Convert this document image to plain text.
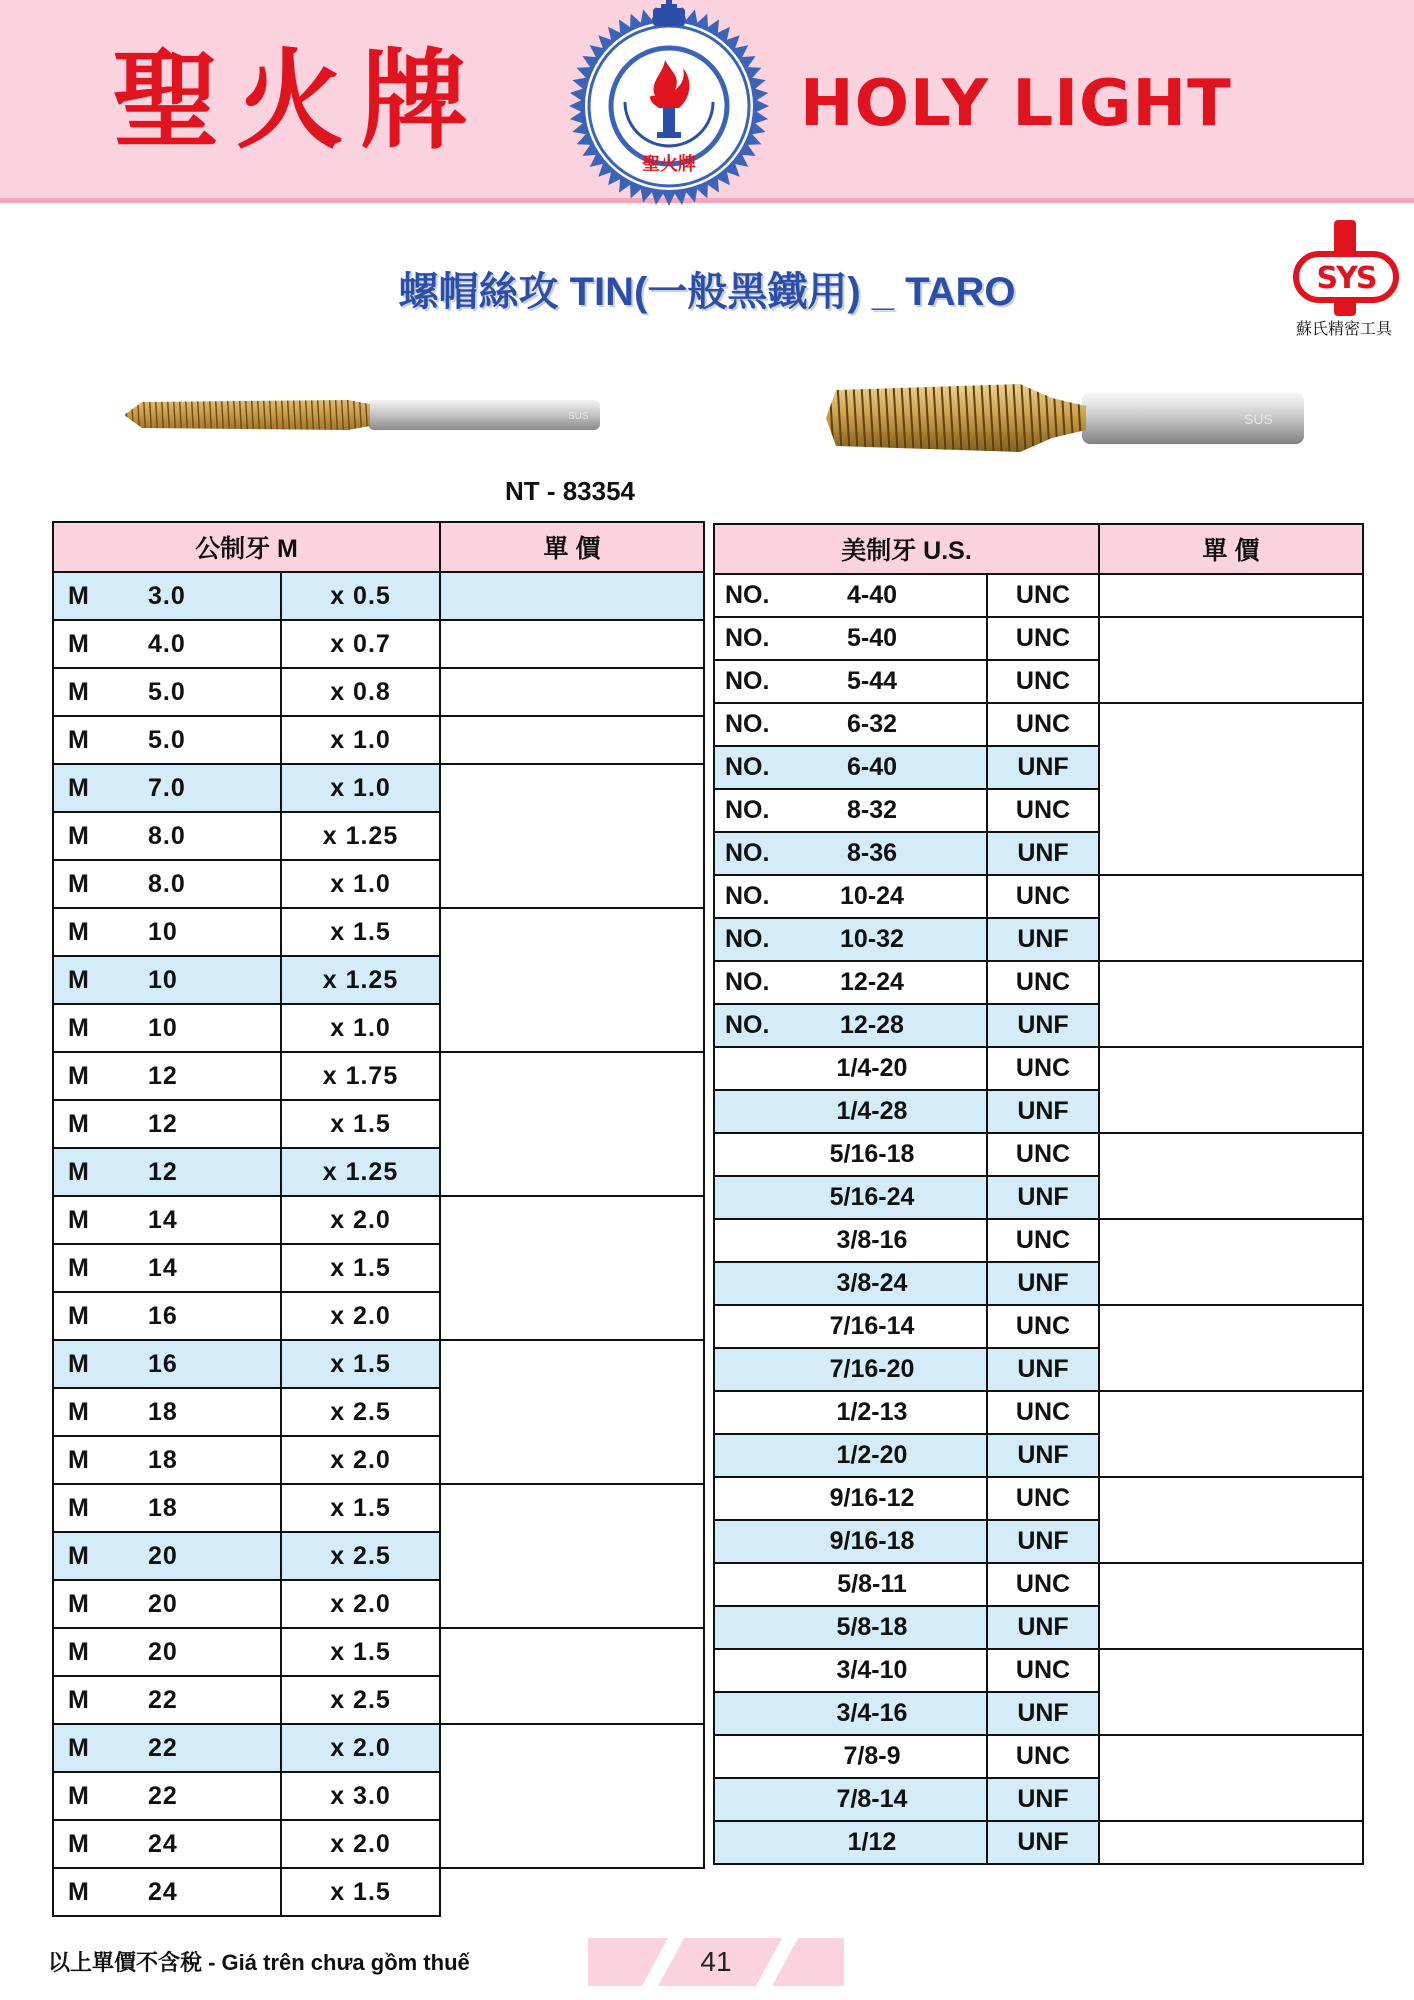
聖火牌
聖火牌
HOLY LIGHT
螺帽絲攻 TIN(一般黑鐵用) _ TARO	SYS
蘇氏精密工具
SUS	SUS
NT - 83354
公制牙 M		單 價
M 3.0	x 0.5	
M 4.0	x 0.7	
M 5.0	x 0.8	
M 5.0	x 1.0	
M 7.0	x 1.0	
M 8.0	x 1.25	
M 8.0	x 1.0	
M 10	x 1.5	
M 10	x 1.25	
M 10	x 1.0	
M 12	x 1.75	
M 12	x 1.5	
M 12	x 1.25	
M 14	x 2.0	
M 14	x 1.5	
M 16	x 2.0	
M 16	x 1.5	
M 18	x 2.5	
M 18	x 2.0	
M 18	x 1.5	
M 20	x 2.5	
M 20	x 2.0	
M 20	x 1.5	
M 22	x 2.5	
M 22	x 2.0	
M 22	x 3.0	
M 24	x 2.0	
M 24	x 1.5	
美制牙 U.S.		單 價
NO. 4-40	UNC	
NO. 5-40	UNC	
NO. 5-44	UNC	
NO. 6-32	UNC	
NO. 6-40	UNF	
NO. 8-32	UNC	
NO. 8-36	UNF	
NO. 10-24	UNC	
NO. 10-32	UNF	
NO. 12-24	UNC	
NO. 12-28	UNF	
1/4-20	UNC	
1/4-28	UNF	
5/16-18	UNC	
5/16-24	UNF	
3/8-16	UNC	
3/8-24	UNF	
7/16-14	UNC	
7/16-20	UNF	
1/2-13	UNC	
1/2-20	UNF	
9/16-12	UNC	
9/16-18	UNF	
5/8-11	UNC	
5/8-18	UNF	
3/4-10	UNC	
3/4-16	UNF	
7/8-9	UNC	
7/8-14	UNF	
1/12	UNF	
以上單價不含稅 - Giá trên chưa gồm thuế	41
